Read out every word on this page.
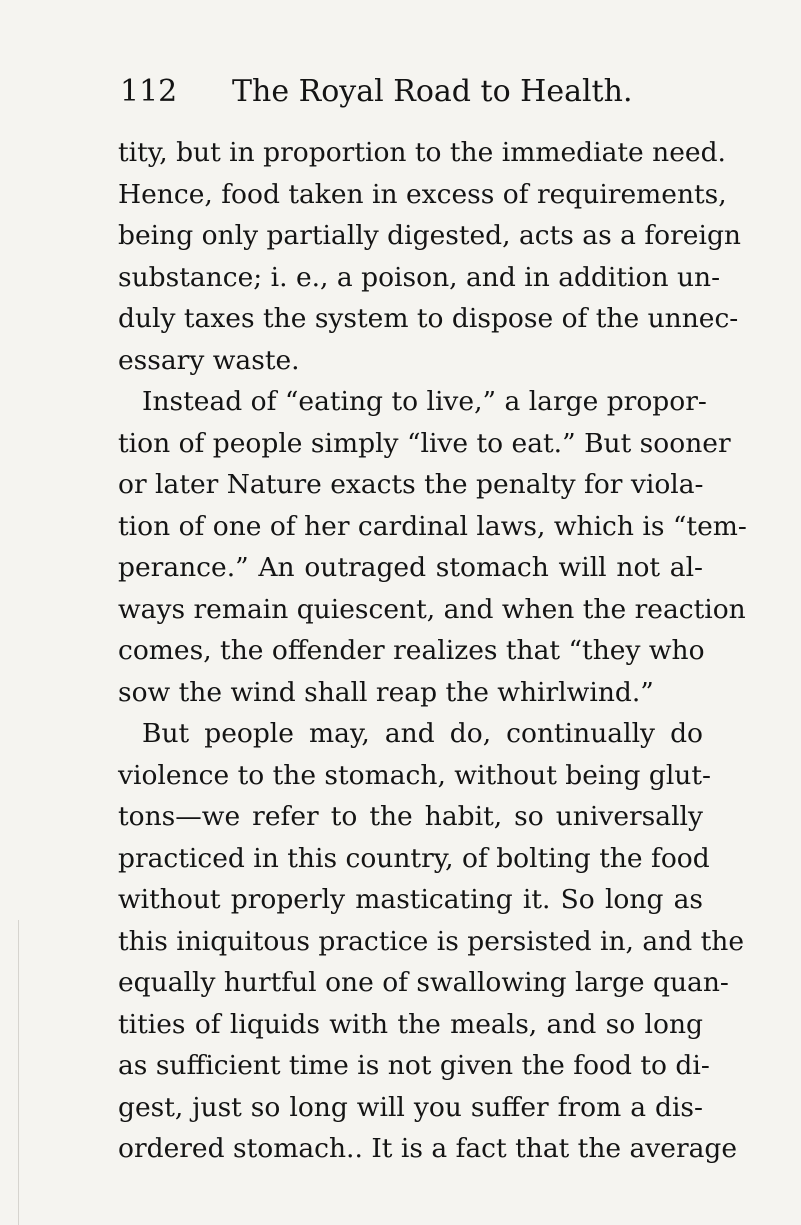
112 The Royal Road to Health.
tity, but in proportion to the immediate need.
Hence, food taken in excess of requirements,
being only partially digested, acts as a foreign
substance; i. e., a poison, and in addition un-
duly taxes the system to dispose of the unnec-
essary waste.
Instead of “eating to live,” a large propor-
tion of people simply “live to eat.” But sooner
or later Nature exacts the penalty for viola-
tion of one of her cardinal laws, which is “tem-
perance.” An outraged stomach will not al-
ways remain quiescent, and when the reaction
comes, the offender realizes that “they who
sow the wind shall reap the whirlwind.”
But people may, and do, continually do
violence to the stomach, without being glut-
tons—we refer to the habit, so universally
practiced in this country, of bolting the food
without properly masticating it. So long as
this iniquitous practice is persisted in, and the
equally hurtful one of swallowing large quan-
tities of liquids with the meals, and so long
as sufficient time is not given the food to di-
gest, just so long will you suffer from a dis-
ordered stomach.. It is a fact that the average
